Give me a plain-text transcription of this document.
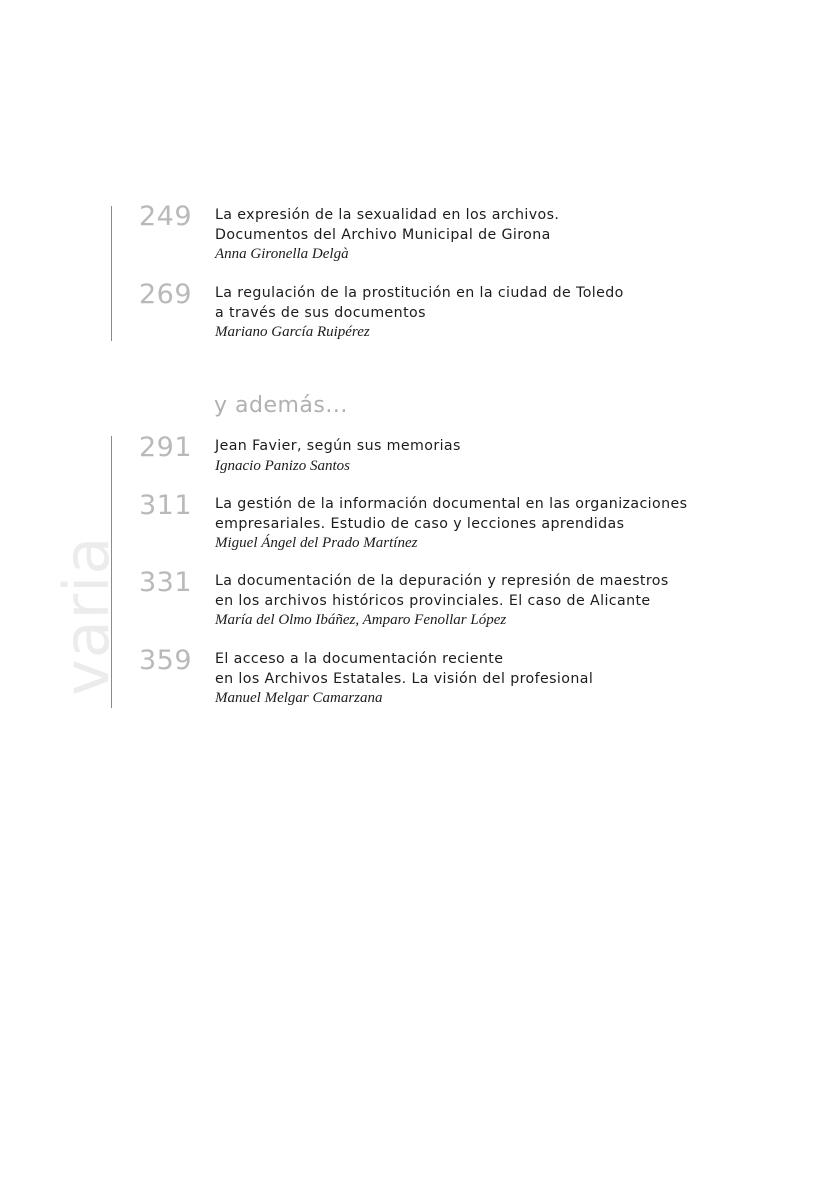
varia
249 La expresión de la sexualidad en los archivos.
Documentos del Archivo Municipal de Girona
Anna Gironella Delgà
269 La regulación de la prostitución en la ciudad de Toledo
a través de sus documentos
Mariano García Ruipérez
y además...
291 Jean Favier, según sus memorias
Ignacio Panizo Santos
311 La gestión de la información documental en las organizaciones
empresariales. Estudio de caso y lecciones aprendidas
Miguel Ángel del Prado Martínez
331 La documentación de la depuración y represión de maestros
en los archivos históricos provinciales. El caso de Alicante
María del Olmo Ibáñez, Amparo Fenollar López
359 El acceso a la documentación reciente
en los Archivos Estatales. La visión del profesional
Manuel Melgar Camarzana
